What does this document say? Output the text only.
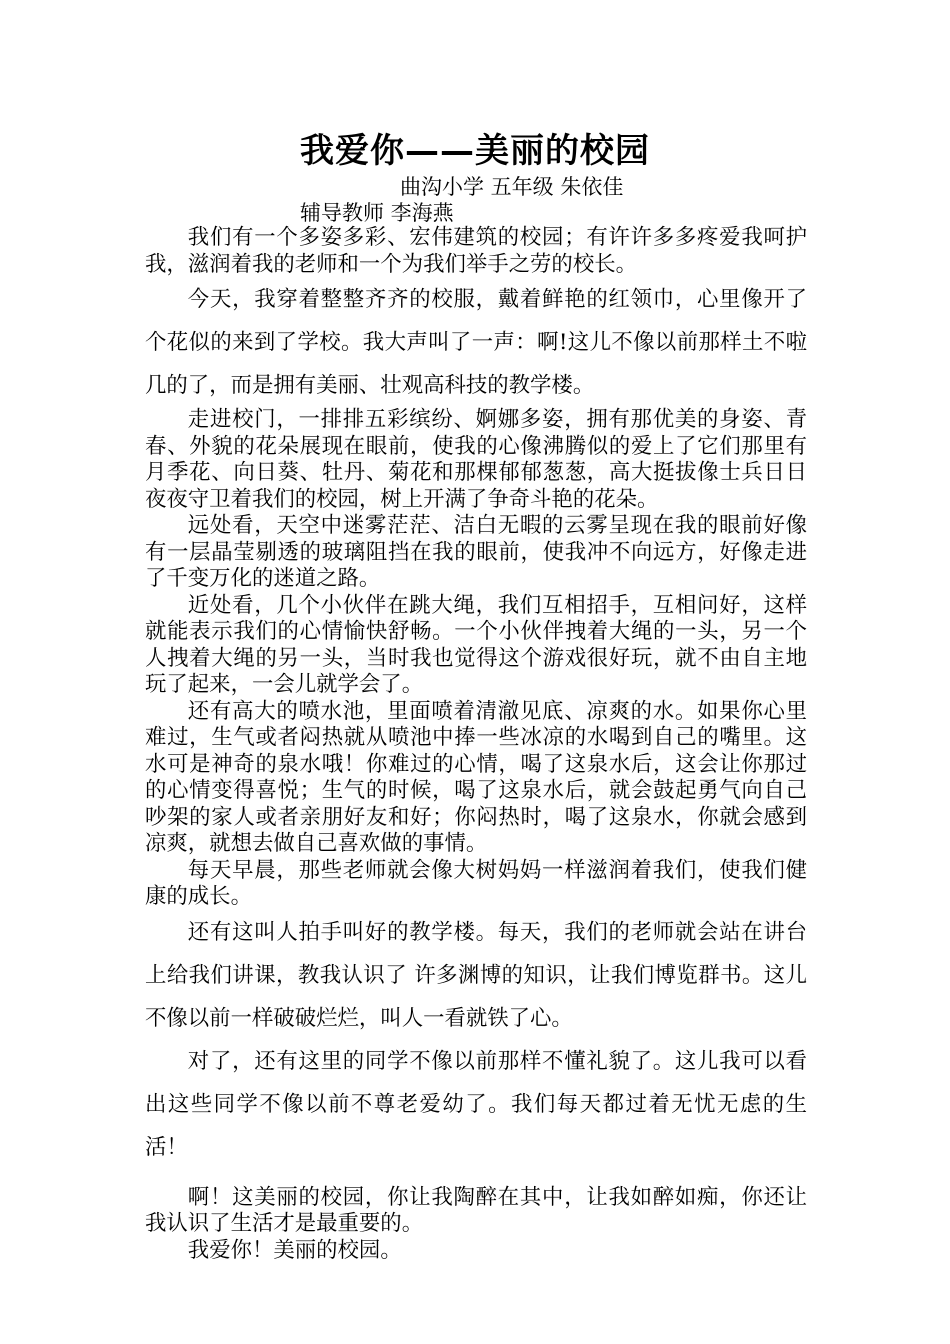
我爱你——美丽的校园
曲沟小学 五年级 朱依佳
辅导教师 李海燕

我们有一个多姿多彩、宏伟建筑的校园；有许许多多疼爱我呵护我，滋润着我的老师和一个为我们举手之劳的校长。

今天，我穿着整整齐齐的校服，戴着鲜艳的红领巾，心里像开了个花似的来到了学校。我大声叫了一声：啊!这儿不像以前那样土不啦几的了，而是拥有美丽、壮观高科技的教学楼。

走进校门，一排排五彩缤纷、婀娜多姿，拥有那优美的身姿、青春、外貌的花朵展现在眼前，使我的心像沸腾似的爱上了它们那里有月季花、向日葵、牡丹、菊花和那棵郁郁葱葱，高大挺拔像士兵日日夜夜守卫着我们的校园，树上开满了争奇斗艳的花朵。

远处看，天空中迷雾茫茫、洁白无暇的云雾呈现在我的眼前好像有一层晶莹剔透的玻璃阻挡在我的眼前，使我冲不向远方，好像走进了千变万化的迷道之路。

近处看，几个小伙伴在跳大绳，我们互相招手，互相问好，这样就能表示我们的心情愉快舒畅。一个小伙伴拽着大绳的一头，另一个人拽着大绳的另一头，当时我也觉得这个游戏很好玩，就不由自主地玩了起来，一会儿就学会了。

还有高大的喷水池，里面喷着清澈见底、凉爽的水。如果你心里难过，生气或者闷热就从喷池中捧一些冰凉的水喝到自己的嘴里。这水可是神奇的泉水哦！你难过的心情，喝了这泉水后，这会让你那过的心情变得喜悦；生气的时候，喝了这泉水后，就会鼓起勇气向自己吵架的家人或者亲朋好友和好；你闷热时，喝了这泉水，你就会感到凉爽，就想去做自己喜欢做的事情。

每天早晨，那些老师就会像大树妈妈一样滋润着我们，使我们健康的成长。

还有这叫人拍手叫好的教学楼。每天，我们的老师就会站在讲台上给我们讲课，教我认识了 许多渊博的知识，让我们博览群书。这儿不像以前一样破破烂烂，叫人一看就铁了心。

对了，还有这里的同学不像以前那样不懂礼貌了。这儿我可以看出这些同学不像以前不尊老爱幼了。我们每天都过着无忧无虑的生活！

啊！这美丽的校园，你让我陶醉在其中，让我如醉如痴，你还让我认识了生活才是最重要的。

我爱你！美丽的校园。
